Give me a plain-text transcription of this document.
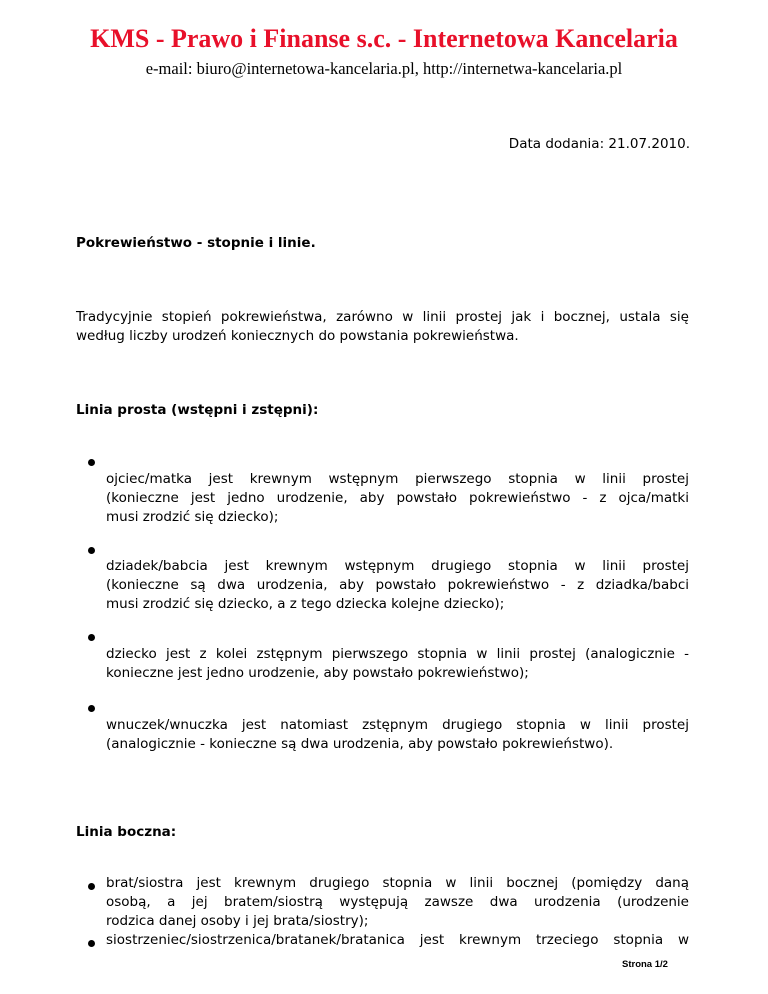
KMS - Prawo i Finanse s.c. - Internetowa Kancelaria
e-mail: biuro@internetowa-kancelaria.pl, http://internetwa-kancelaria.pl
Data dodania: 21.07.2010.
Pokrewieństwo - stopnie i linie.

Tradycyjnie stopień pokrewieństwa, zarówno w linii prostej jak i bocznej, ustala się
według liczby urodzeń koniecznych do powstania pokrewieństwa.

Linia prosta (wstępni i zstępni):

ojciec/matka jest krewnym wstępnym pierwszego stopnia w linii prostej
(konieczne jest jedno urodzenie, aby powstało pokrewieństwo - z ojca/matki
musi zrodzić się dziecko);

dziadek/babcia jest krewnym wstępnym drugiego stopnia w linii prostej
(konieczne są dwa urodzenia, aby powstało pokrewieństwo - z dziadka/babci
musi zrodzić się dziecko, a z tego dziecka kolejne dziecko);

dziecko jest z kolei zstępnym pierwszego stopnia w linii prostej (analogicznie -
konieczne jest jedno urodzenie, aby powstało pokrewieństwo);

wnuczek/wnuczka jest natomiast zstępnym drugiego stopnia w linii prostej
(analogicznie - konieczne są dwa urodzenia, aby powstało pokrewieństwo).

Linia boczna:

brat/siostra jest krewnym drugiego stopnia w linii bocznej (pomiędzy daną
osobą, a jej bratem/siostrą występują zawsze dwa urodzenia (urodzenie
rodzica danej osoby i jej brata/siostry);

siostrzeniec/siostrzenica/bratanek/bratanica jest krewnym trzeciego stopnia w

Strona 1/2
